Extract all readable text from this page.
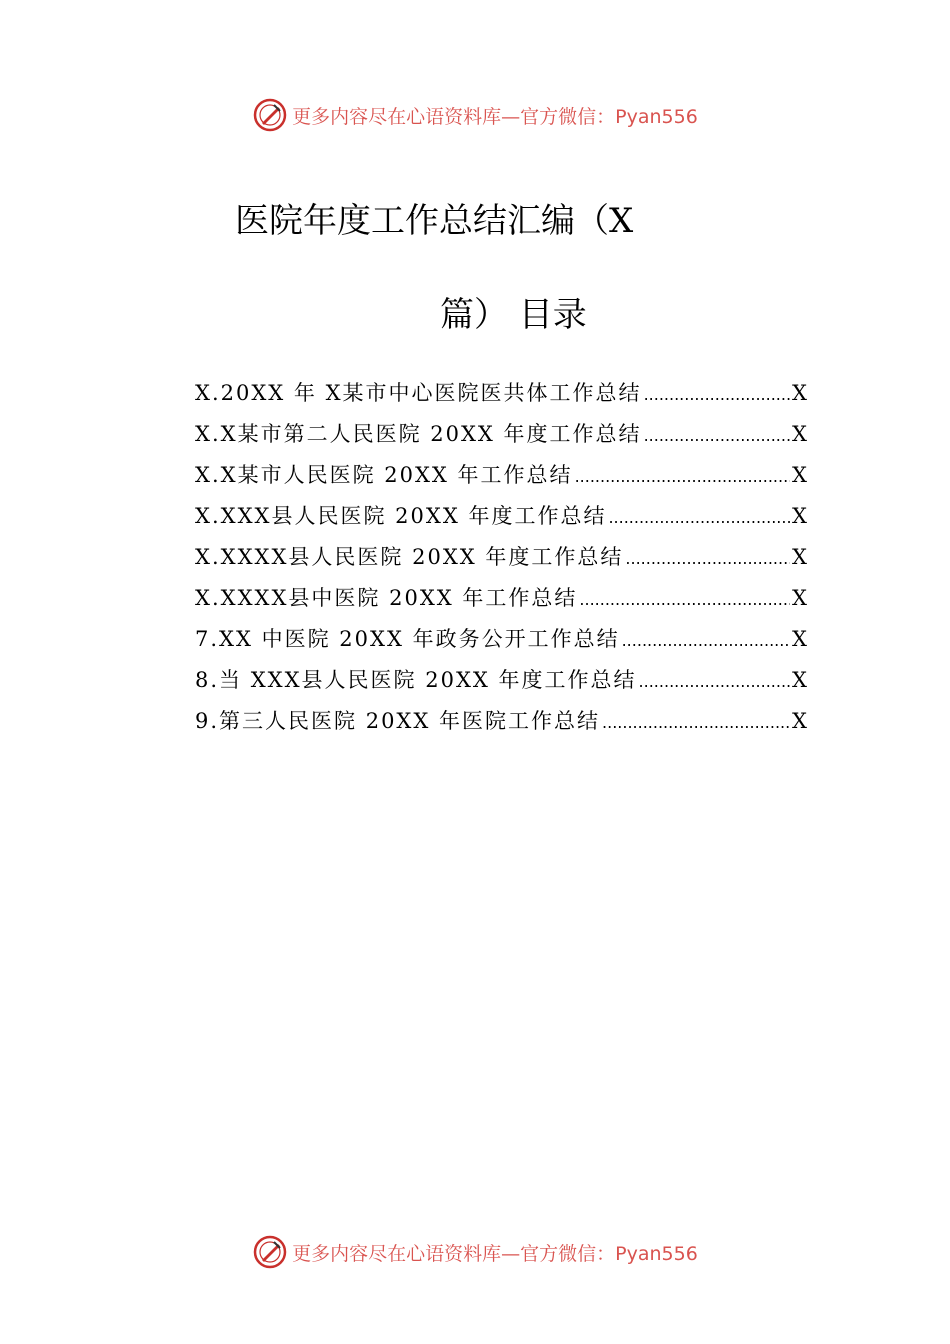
更多内容尽在心语资料库—官方微信：Pyan556
医院年度工作总结汇编（X
篇） 目录
X.20XX 年 X某市中心医院医共体工作总结 .....	X
X.X某市第二人民医院 20XX 年度工作总结 .....	X
X.X某市人民医院 20XX 年工作总结 .....	X
X.XXX县人民医院 20XX 年度工作总结 .....	X
X.XXXX县人民医院 20XX 年度工作总结 .....	X
X.XXXX县中医院 20XX 年工作总结 .....	X
7.XX 中医院 20XX 年政务公开工作总结 .....	X
8.当 XXX县人民医院 20XX 年度工作总结 .....	X
9.第三人民医院 20XX 年医院工作总结 .....	X
更多内容尽在心语资料库—官方微信：Pyan556
